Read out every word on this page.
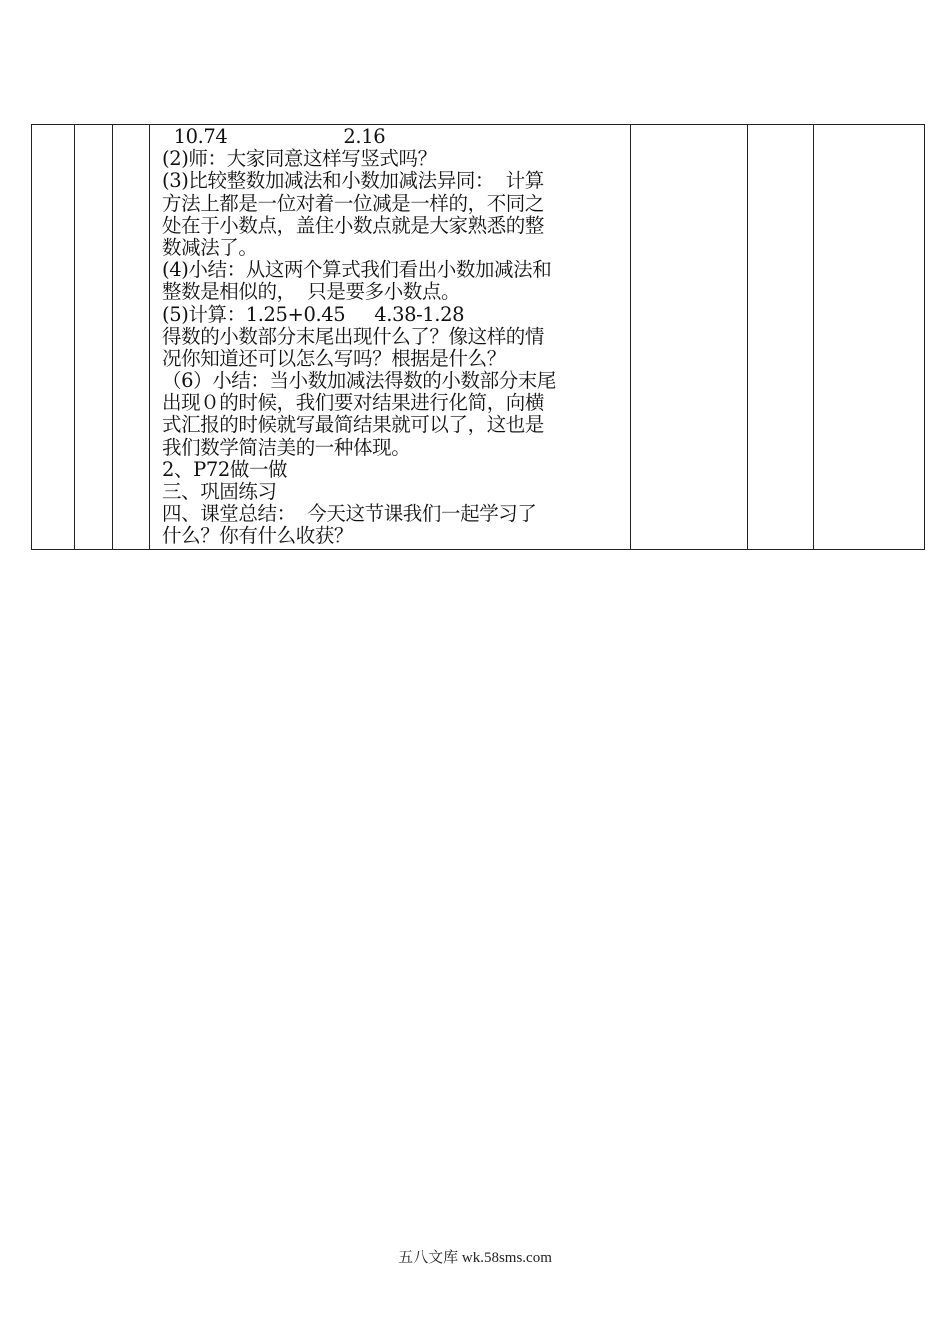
10.74                    2.16
(2)师：大家同意这样写竖式吗？
(3)比较整数加减法和小数加减法异同：  计算
方法上都是一位对着一位减是一样的，不同之
处在于小数点，盖住小数点就是大家熟悉的整
数减法了。
(4)小结：从这两个算式我们看出小数加减法和
整数是相似的，  只是要多小数点。
(5)计算：1.25+0.45     4.38-1.28
得数的小数部分末尾出现什么了？像这样的情
况你知道还可以怎么写吗？根据是什么？
（6）小结：当小数加减法得数的小数部分末尾
出现０的时候，我们要对结果进行化简，向横
式汇报的时候就写最简结果就可以了，这也是
我们数学简洁美的一种体现。
2、P72做一做
三、巩固练习
四、课堂总结：  今天这节课我们一起学习了
什么？你有什么收获？

五八文库 wk.58sms.com
